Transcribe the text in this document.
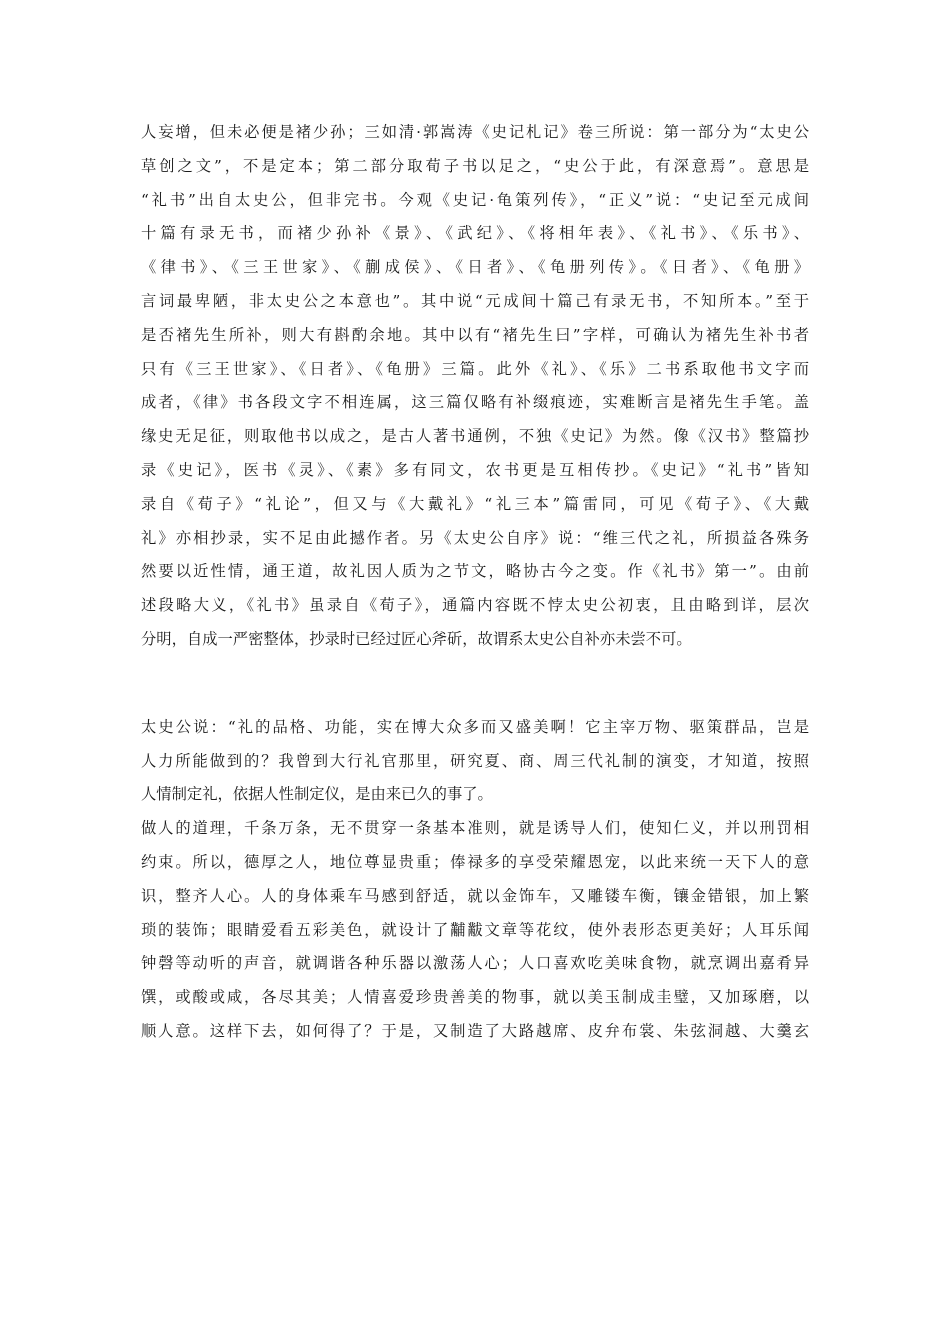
人妄增，但未必便是褚少孙；三如清·郭嵩涛《史记札记》卷三所说：第一部分为“太史公
草创之文”，不是定本；第二部分取荀子书以足之，“史公于此，有深意焉”。意思是
“礼书”出自太史公，但非完书。今观《史记·龟策列传》，“正义”说：“史记至元成间
十篇有录无书，而褚少孙补《景》、《武纪》、《将相年表》、《礼书》、《乐书》、
《律书》、《三王世家》、《蒯成侯》、《日者》、《龟册列传》。《日者》、《龟册》
言词最卑陋，非太史公之本意也”。其中说“元成间十篇己有录无书，不知所本。”至于
是否褚先生所补，则大有斟酌余地。其中以有“褚先生曰”字样，可确认为褚先生补书者
只有《三王世家》、《日者》、《龟册》三篇。此外《礼》、《乐》二书系取他书文字而
成者，《律》书各段文字不相连属，这三篇仅略有补缀痕迹，实难断言是褚先生手笔。盖
缘史无足征，则取他书以成之，是古人著书通例，不独《史记》为然。像《汉书》整篇抄
录《史记》，医书《灵》、《素》多有同文，农书更是互相传抄。《史记》“礼书”皆知
录自《荀子》“礼论”，但又与《大戴礼》“礼三本”篇雷同，可见《荀子》、《大戴
礼》亦相抄录，实不足由此撼作者。另《太史公自序》说：“维三代之礼，所损益各殊务
然要以近性情，通王道，故礼因人质为之节文，略协古今之变。作《礼书》第一”。由前
述段略大义，《礼书》虽录自《荀子》，通篇内容既不悖太史公初衷，且由略到详，层次
分明，自成一严密整体，抄录时已经过匠心斧斫，故谓系太史公自补亦未尝不可。
太史公说：“礼的品格、功能，实在博大众多而又盛美啊！它主宰万物、驱策群品，岂是
人力所能做到的？我曾到大行礼官那里，研究夏、商、周三代礼制的演变，才知道，按照
人情制定礼，依据人性制定仪，是由来已久的事了。
做人的道理，千条万条，无不贯穿一条基本准则，就是诱导人们，使知仁义，并以刑罚相
约束。所以，德厚之人，地位尊显贵重；俸禄多的享受荣耀恩宠，以此来统一天下人的意
识，整齐人心。人的身体乘车马感到舒适，就以金饰车，又雕镂车衡，镶金错银，加上繁
琐的装饰；眼睛爱看五彩美色，就设计了黼黻文章等花纹，使外表形态更美好；人耳乐闻
钟磬等动听的声音，就调谐各种乐器以激荡人心；人口喜欢吃美味食物，就烹调出嘉肴异
馔，或酸或咸，各尽其美；人情喜爱珍贵善美的物事，就以美玉制成圭璧，又加琢磨，以
顺人意。这样下去，如何得了？于是，又制造了大路越席、皮弁布裳、朱弦洞越、大羹玄
